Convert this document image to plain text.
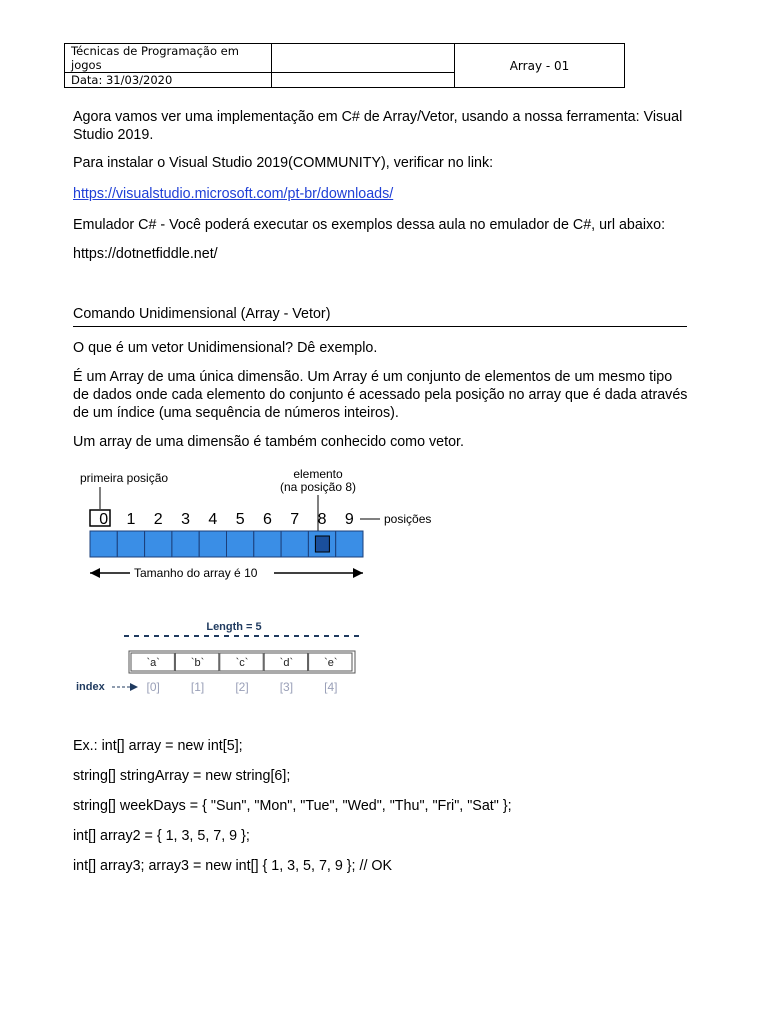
Técnicas de Programação em jogos		Array - 01
Data: 31/03/2020		
Agora vamos ver uma implementação em C# de Array/Vetor, usando a nossa ferramenta: Visual Studio 2019.
Para instalar o Visual Studio 2019(COMMUNITY), verificar no link:
https://visualstudio.microsoft.com/pt-br/downloads/
Emulador C# - Você poderá executar os exemplos dessa aula no emulador de C#, url abaixo:
https://dotnetfiddle.net/
Comando Unidimensional (Array - Vetor)
O que é um vetor Unidimensional? Dê exemplo.
É um Array de uma única dimensão. Um Array é um conjunto de elementos de um mesmo tipo de dados onde cada elemento do conjunto é acessado pela posição no array que é dada através de um índice (uma sequência de números inteiros).
Um array de uma dimensão é também conhecido como vetor.
primeira posição	elemento
(na posição 8)
0 1 2 3 4 5 6 7 8 9	posições
Tamanho do array é 10
Length = 5
`a`	`b`	`c`	`d`	`e`
index	[0]	[1]	[2]	[3]	[4]
Ex.: int[] array = new int[5];
string[] stringArray = new string[6];
string[] weekDays = { "Sun", "Mon", "Tue", "Wed", "Thu", "Fri", "Sat" };
int[] array2 = { 1, 3, 5, 7, 9 };
int[] array3; array3 = new int[] { 1, 3, 5, 7, 9 }; // OK
